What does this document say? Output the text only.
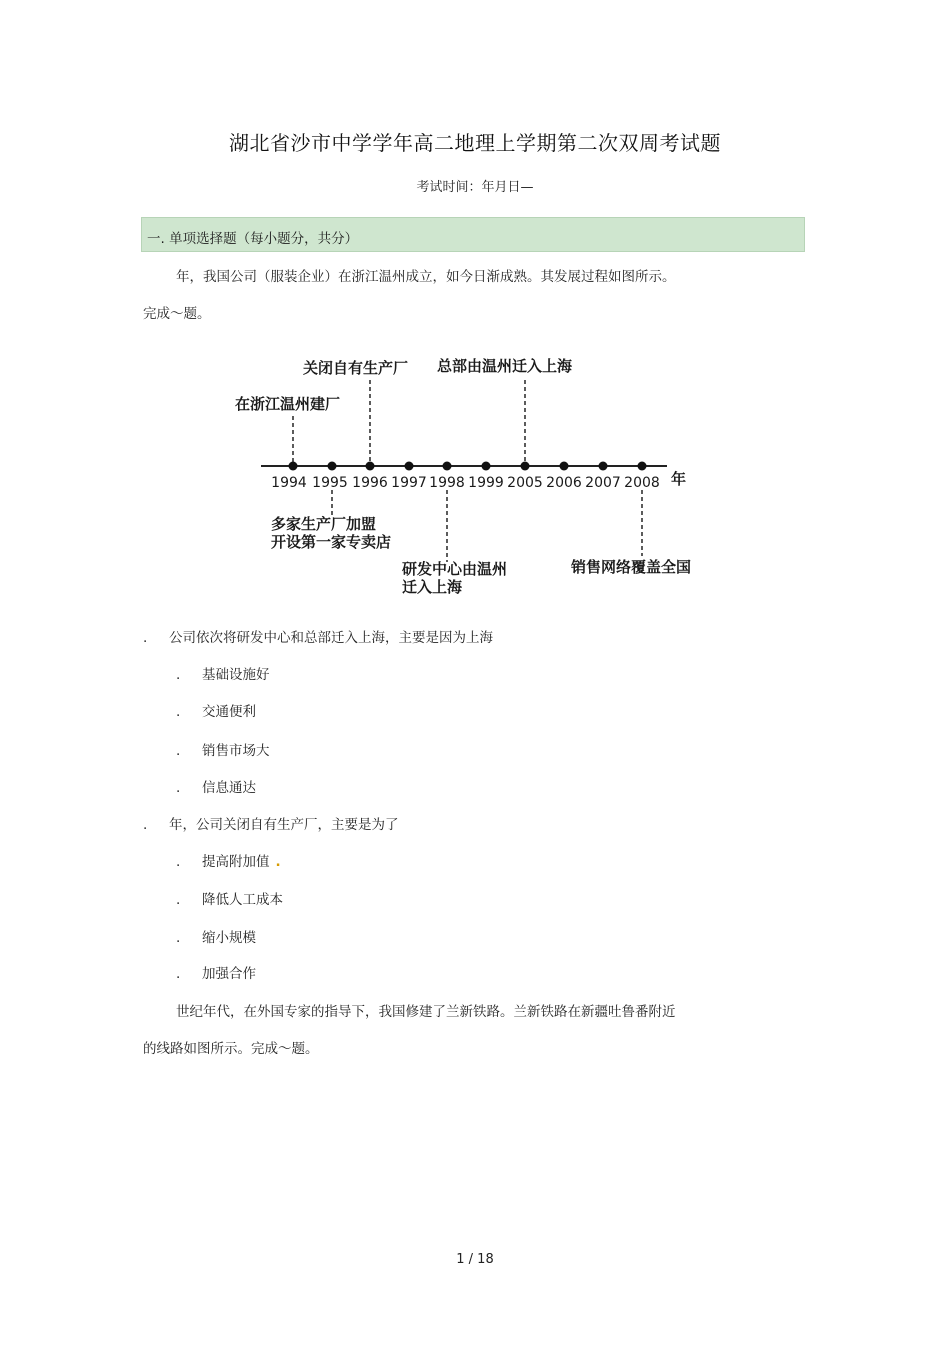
湖北省沙市中学学年高二地理上学期第二次双周考试题
考试时间：年月日—
一. 单项选择题（每小题分，共分）
年，我国公司（服装企业）在浙江温州成立，如今日渐成熟。其发展过程如图所示。
完成～题。
关闭自有生产厂 总部由温州迁入上海
在浙江温州建厂
多家生产厂加盟
开设第一家专卖店
研发中心由温州
迁入上海
销售网络覆盖全国
1994 1995 1996 1997 1998 1999 2005 2006 2007 2008 年
. 公司依次将研发中心和总部迁入上海，主要是因为上海
. 基础设施好
. 交通便利
. 销售市场大
. 信息通达
. 年，公司关闭自有生产厂，主要是为了
. 提高附加值 .
. 降低人工成本
. 缩小规模
. 加强合作
世纪年代，在外国专家的指导下，我国修建了兰新铁路。兰新铁路在新疆吐鲁番附近
的线路如图所示。完成～题。
1 / 18
